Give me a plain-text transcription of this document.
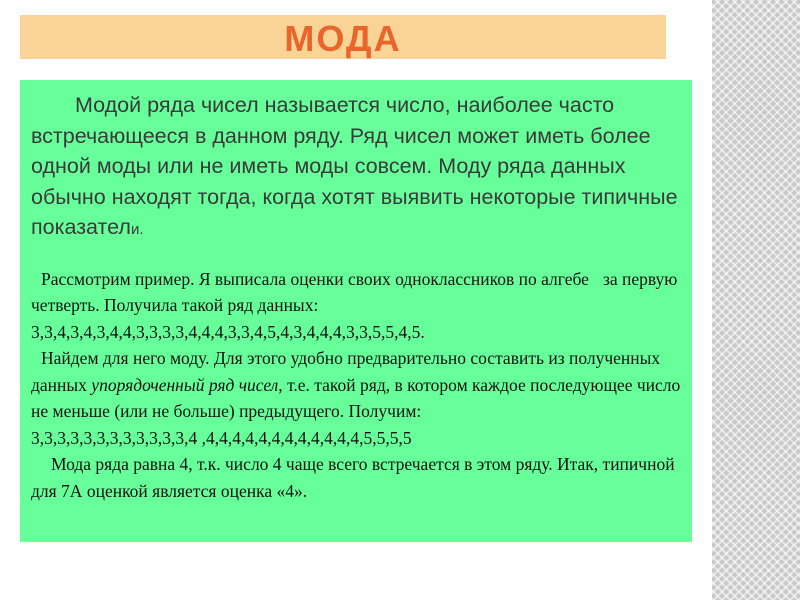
МОДА

Модой ряда чисел называется число, наиболее часто встречающееся в данном ряду. Ряд чисел может иметь более одной моды или не иметь моды совсем. Моду ряда данных обычно находят тогда, когда хотят выявить некоторые типичные показатели.

Рассмотрим пример. Я выписала оценки своих одноклассников по алгебе за первую четверть. Получила такой ряд данных:
3,3,4,3,4,3,4,4,3,3,3,3,4,4,4,3,3,4,5,4,3,4,4,4,3,3,5,5,4,5.
Найдем для него моду. Для этого удобно предварительно составить из полученных данных упорядоченный ряд чисел, т.е. такой ряд, в котором каждое последующее число не меньше (или не больше) предыдущего. Получим:
3,3,3,3,3,3,3,3,3,3,3,3,4 ,4,4,4,4,4,4,4,4,4,4,4,4,5,5,5,5
Мода ряда равна 4, т.к. число 4 чаще всего встречается в этом ряду. Итак, типичной для 7А оценкой является оценка «4».
